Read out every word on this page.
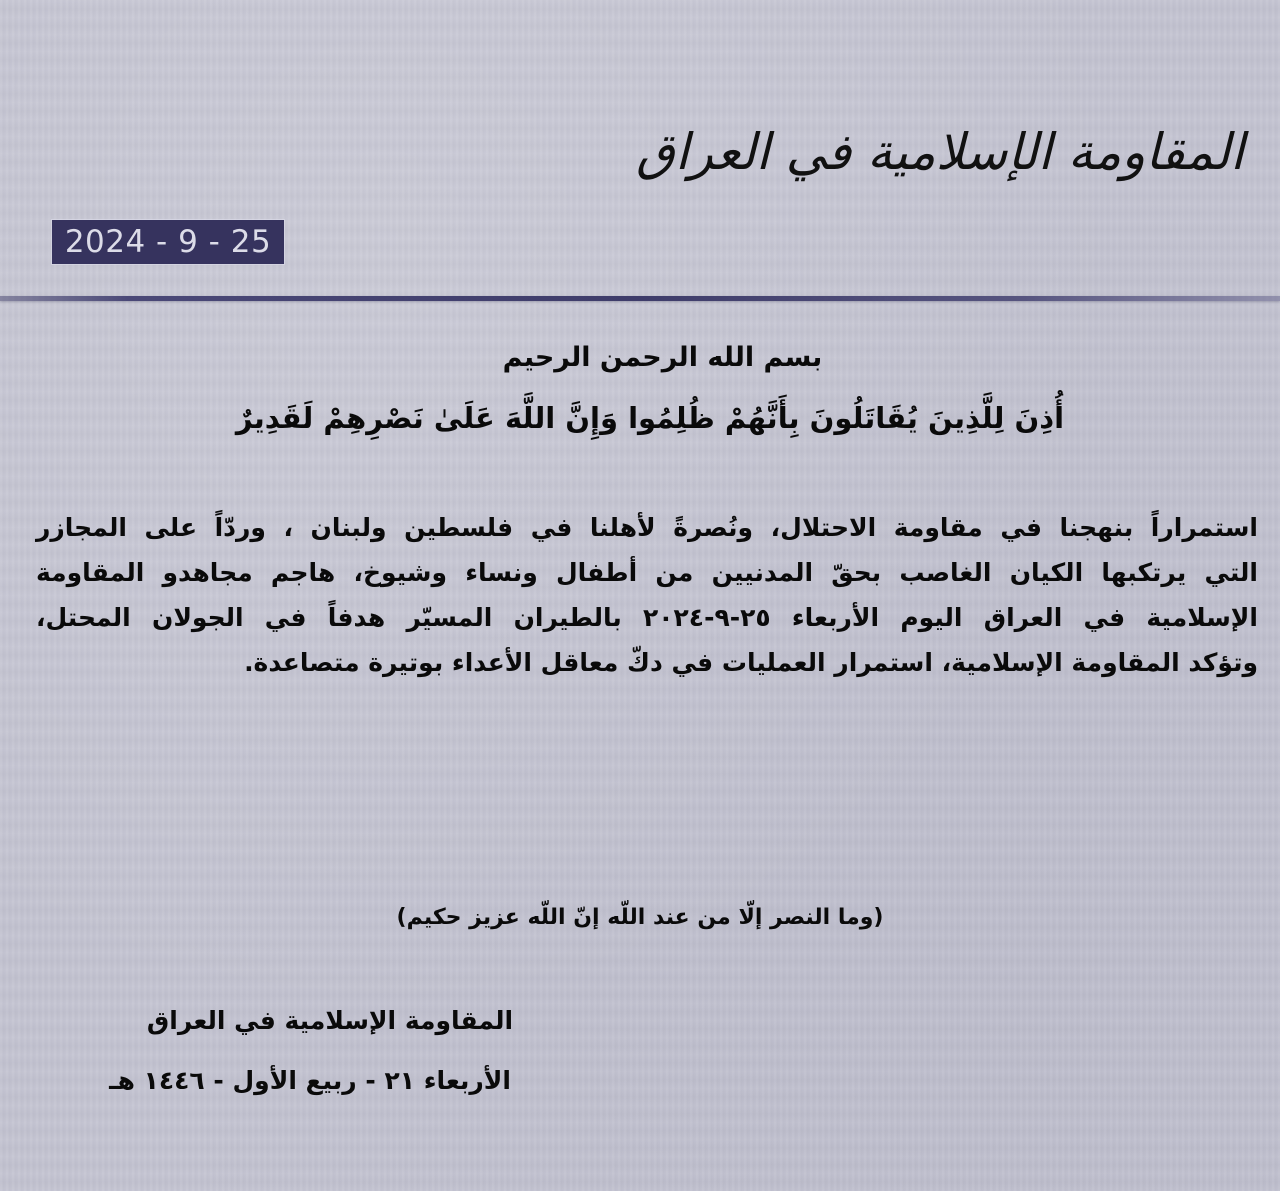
المقاومة الإسلامية في العراق
2024 - 9 - 25
بسم الله الرحمن الرحيم
أُذِنَ لِلَّذِينَ يُقَاتَلُونَ بِأَنَّهُمْ ظُلِمُوا وَإِنَّ اللَّهَ عَلَىٰ نَصْرِهِمْ لَقَدِيرٌ
استمراراً بنهجنا في مقاومة الاحتلال، ونُصرةً لأهلنا في فلسطين ولبنان ، وردّاً على المجازر
التي يرتكبها الكيان الغاصب بحقّ المدنيين من أطفال ونساء وشيوخ، هاجم مجاهدو المقاومة
الإسلامية في العراق اليوم الأربعاء ٢٥-٩-٢٠٢٤ بالطيران المسيّر هدفاً في الجولان المحتل،
وتؤكد المقاومة الإسلامية، استمرار العمليات في دكّ معاقل الأعداء بوتيرة متصاعدة.
(وما النصر إلّا من عند اللّه إنّ اللّه عزيز حكيم)
المقاومة الإسلامية في العراق
الأربعاء ٢١ - ربيع الأول - ١٤٤٦ هـ
